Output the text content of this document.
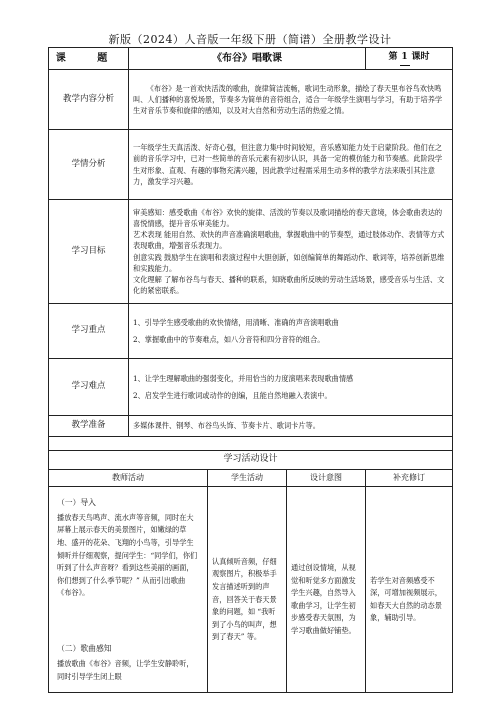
新版（2024）人音版一年级下册（简谱）全册教学设计
课 题	《布谷》唱歌课			第 1 课时
教学内容分析	《布谷》是一首欢快活泼的歌曲，旋律简洁流畅，歌词生动形象，描绘了春天里布谷鸟欢快鸣叫、人们播种的喜悦场景，节奏多为简单的音符组合，适合一年级学生演唱与学习，有助于培养学生对音乐节奏和旋律的感知，以及对大自然和劳动生活的热爱之情。			
学情分析	一年级学生天真活泼、好奇心强，但注意力集中时间较短，音乐感知能力处于启蒙阶段。他们在之前的音乐学习中，已对一些简单的音乐元素有初步认识，具备一定的模仿能力和节奏感。此阶段学生对形象、直观、有趣的事物充满兴趣，因此教学过程需采用生动多样的教学方法来吸引其注意力，激发学习兴趣。			
学习目标	审美感知：感受歌曲《布谷》欢快的旋律、活泼的节奏以及歌词描绘的春天意境，体会歌曲表达的喜悦情感，提升音乐审美能力。

艺术表现 能用自然、欢快的声音准确演唱歌曲，掌握歌曲中的节奏型，通过肢体动作、表情等方式表现歌曲，增强音乐表现力。

创意实践 鼓励学生在演唱和表演过程中大胆创新，如创编简单的舞蹈动作、歌词等，培养创新思维和实践能力。

文化理解 了解布谷鸟与春天、播种的联系，知晓歌曲所反映的劳动生活场景，感受音乐与生活、文化的紧密联系。			

学习重点	1、引导学生感受歌曲的欢快情绪，用清晰、准确的声音演唱歌曲

2、掌握歌曲中的节奏难点，如八分音符和四分音符的组合。			

学习难点	1、让学生理解歌曲的强弱变化，并用恰当的力度演唱来表现歌曲情感

2、启发学生进行歌词或动作的创编，且能自然地融入表演中。			

教学准备	多媒体课件、钢琴、布谷鸟头饰、节奏卡片、歌词卡片等。			

学习活动设计				
教师活动		学生活动	设计意图	补充修订

（一）导入
播放春天鸟鸣声、流水声等音频，同时在大屏幕上展示春天的美景图片，如嫩绿的草地、盛开的花朵、飞翔的小鸟等，引导学生倾听并仔细观察，提问学生：“同学们，你们听到了什么声音呀？看到这些美丽的画面，你们想到了什么季节呢？” 从而引出歌曲《布谷》。
（二）歌曲感知
播放歌曲《布谷》音频，让学生安静聆听，同时引导学生闭上眼		认真倾听音频，仔细观察图片，积极举手发言描述听到的声音，回答关于春天景象的问题，如 “我听到了小鸟的叫声，想到了春天” 等。	通过创设情境，从视觉和听觉多方面激发学生兴趣，自然导入歌曲学习，让学生初步感受春天氛围，为学习歌曲做好铺垫。	若学生对音频感受不深，可增加视频展示，如春天大自然的动态景象，辅助引导。
